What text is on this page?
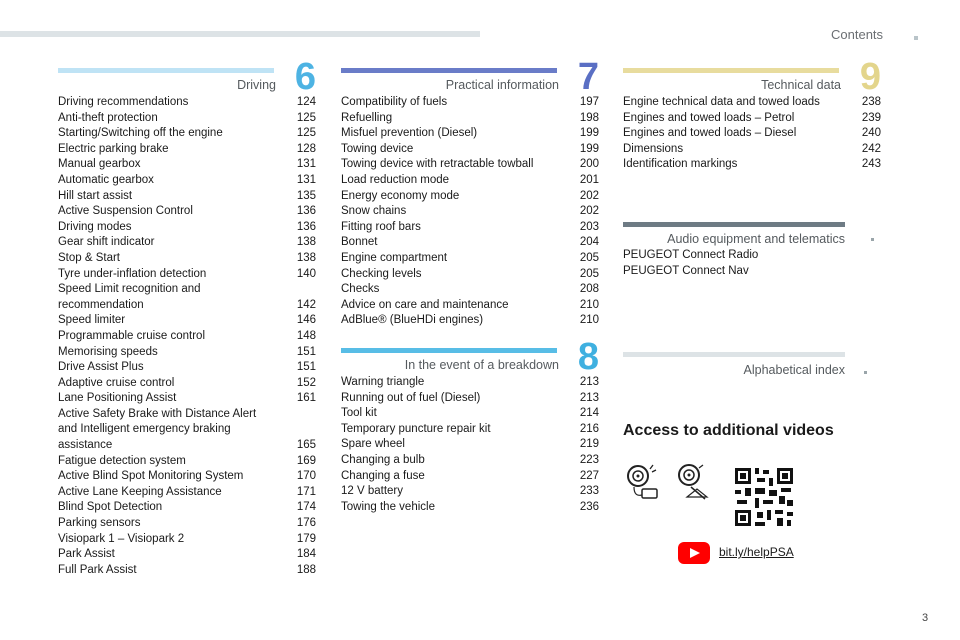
Contents
Driving 6
Driving recommendations	124
Anti-theft protection	125
Starting/Switching off the engine	125
Electric parking brake	128
Manual gearbox	131
Automatic gearbox	131
Hill start assist	135
Active Suspension Control	136
Driving modes	136
Gear shift indicator	138
Stop & Start	138
Tyre under-inflation detection	140
Speed Limit recognition and recommendation	142
Speed limiter	146
Programmable cruise control	148
Memorising speeds	151
Drive Assist Plus	151
Adaptive cruise control	152
Lane Positioning Assist	161
Active Safety Brake with Distance Alert and Intelligent emergency braking assistance	165
Fatigue detection system	169
Active Blind Spot Monitoring System	170
Active Lane Keeping Assistance	171
Blind Spot Detection	174
Parking sensors	176
Visiopark 1 – Visiopark 2	179
Park Assist	184
Full Park Assist	188
Practical information 7
Compatibility of fuels	197
Refuelling	198
Misfuel prevention (Diesel)	199
Towing device	199
Towing device with retractable towball	200
Load reduction mode	201
Energy economy mode	202
Snow chains	202
Fitting roof bars	203
Bonnet	204
Engine compartment	205
Checking levels	205
Checks	208
Advice on care and maintenance	210
AdBlue® (BlueHDi engines)	210
In the event of a breakdown 8
Warning triangle	213
Running out of fuel (Diesel)	213
Tool kit	214
Temporary puncture repair kit	216
Spare wheel	219
Changing a bulb	223
Changing a fuse	227
12 V battery	233
Towing the vehicle	236
Technical data 9
Engine technical data and towed loads	238
Engines and towed loads – Petrol	239
Engines and towed loads – Diesel	240
Dimensions	242
Identification markings	243
Audio equipment and telematics
PEUGEOT Connect Radio
PEUGEOT Connect Nav
Alphabetical index
Access to additional videos
bit.ly/helpPSA
3
